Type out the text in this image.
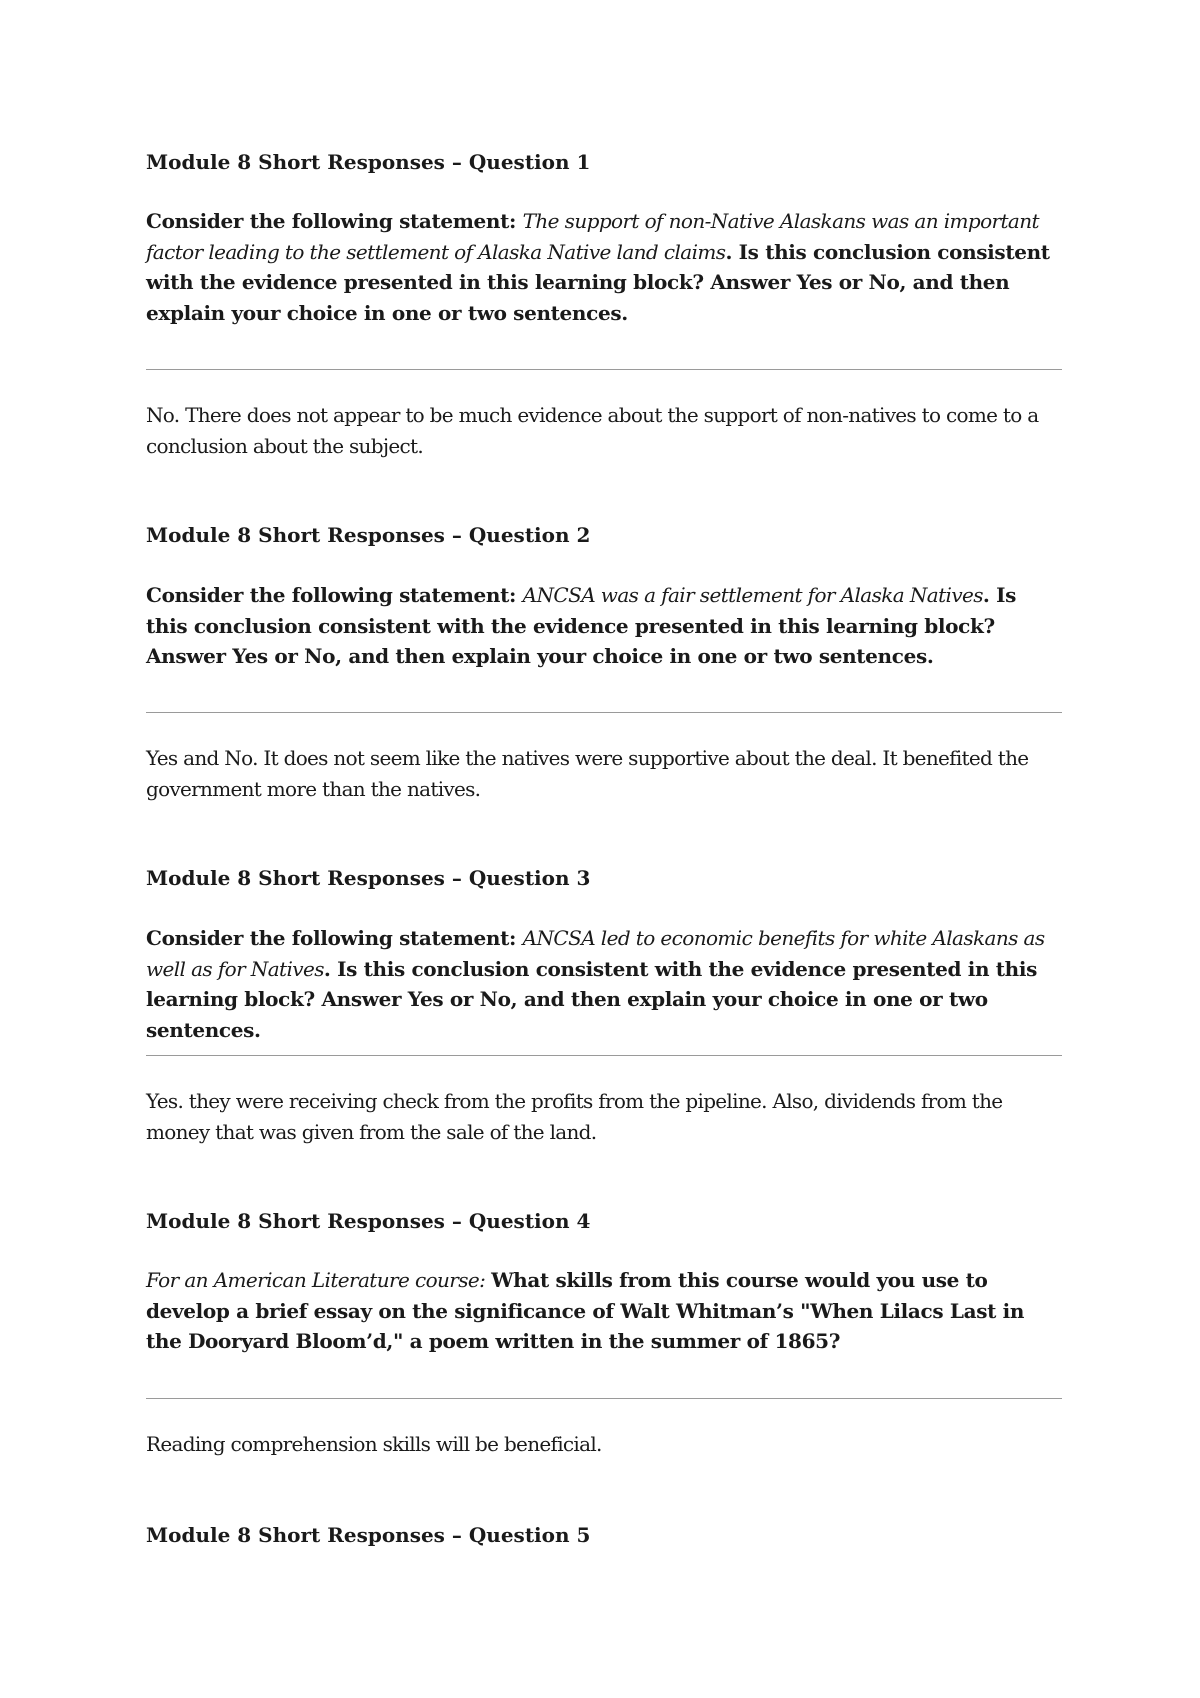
Module 8 Short Responses – Question 1
Consider the following statement: The support of non-Native Alaskans was an important factor leading to the settlement of Alaska Native land claims. Is this conclusion consistent with the evidence presented in this learning block? Answer Yes or No, and then explain your choice in one or two sentences.
No. There does not appear to be much evidence about the support of non-natives to come to a conclusion about the subject.
Module 8 Short Responses – Question 2
Consider the following statement: ANCSA was a fair settlement for Alaska Natives. Is this conclusion consistent with the evidence presented in this learning block? Answer Yes or No, and then explain your choice in one or two sentences.
Yes and No. It does not seem like the natives were supportive about the deal. It benefited the government more than the natives.
Module 8 Short Responses – Question 3
Consider the following statement: ANCSA led to economic benefits for white Alaskans as well as for Natives. Is this conclusion consistent with the evidence presented in this learning block? Answer Yes or No, and then explain your choice in one or two sentences.
Yes. they were receiving check from the profits from the pipeline. Also, dividends from the money that was given from the sale of the land.
Module 8 Short Responses – Question 4
For an American Literature course: What skills from this course would you use to develop a brief essay on the significance of Walt Whitman’s "When Lilacs Last in the Dooryard Bloom’d," a poem written in the summer of 1865?
Reading comprehension skills will be beneficial.
Module 8 Short Responses – Question 5
